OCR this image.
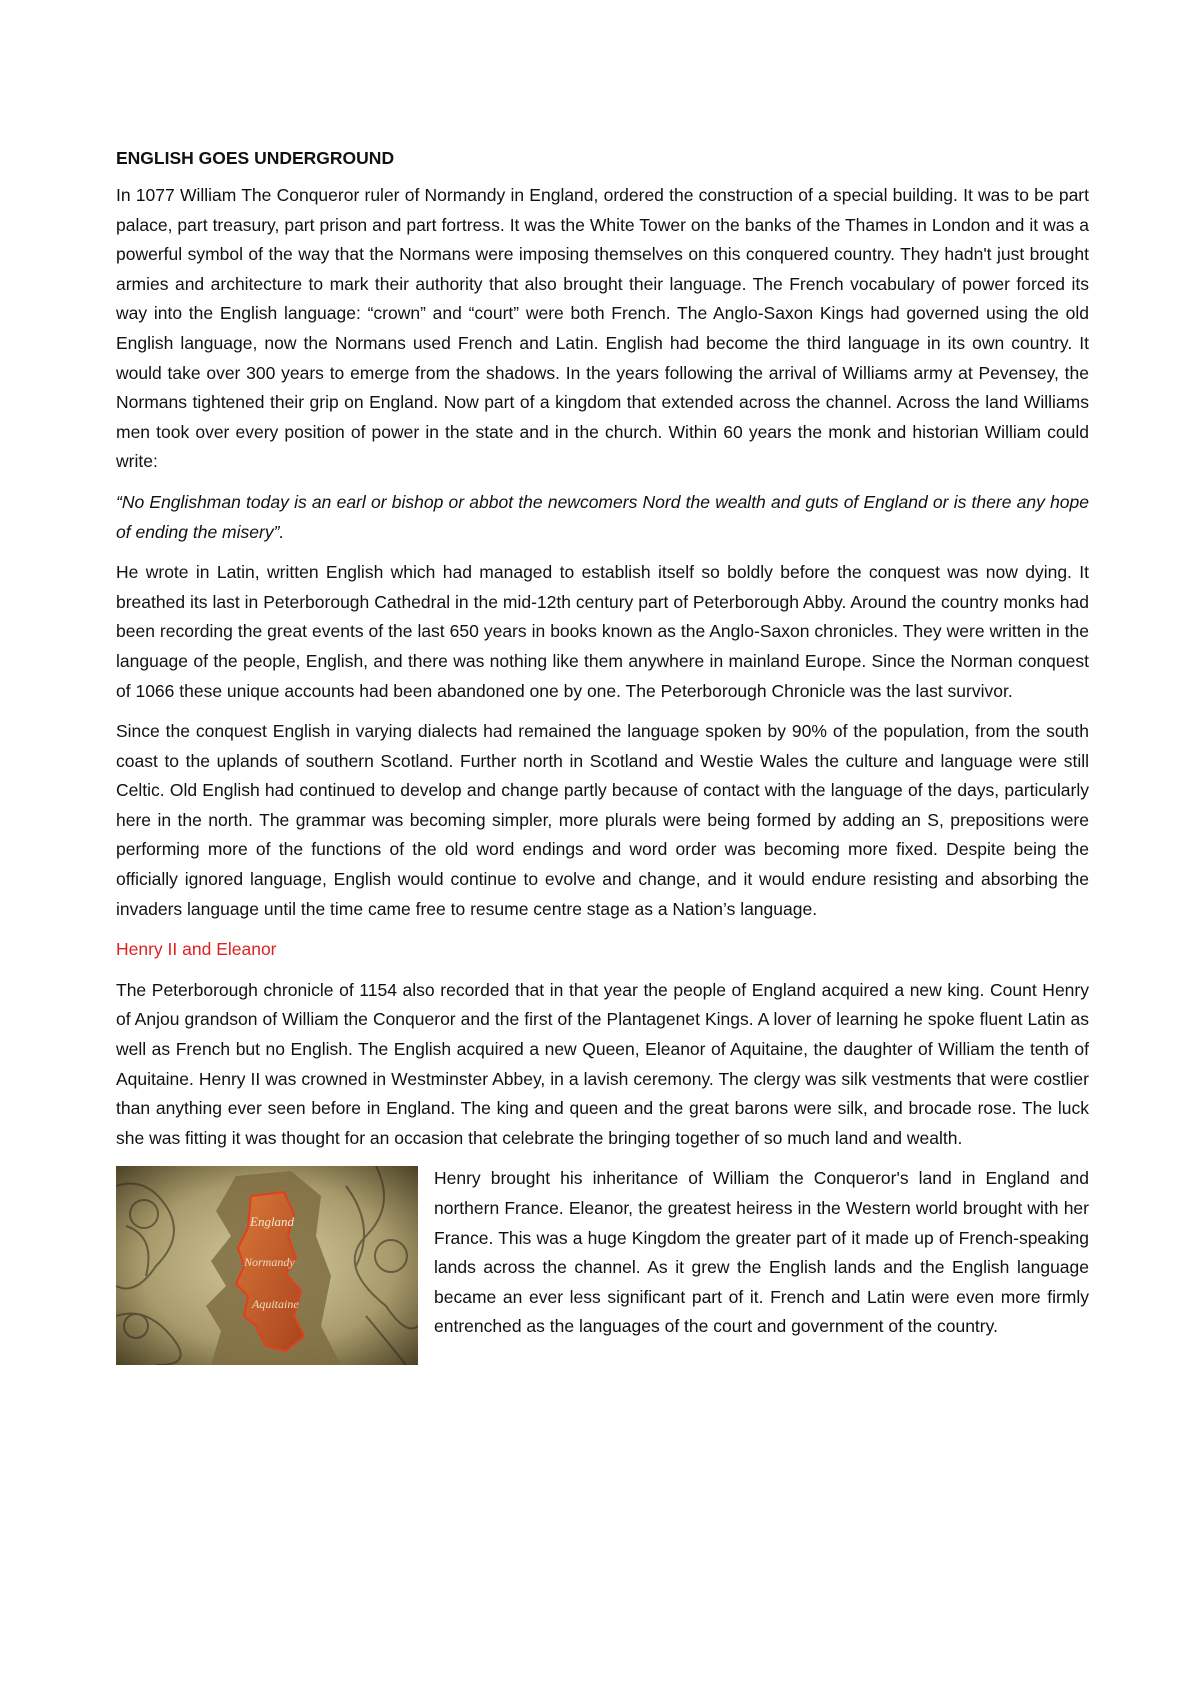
ENGLISH GOES UNDERGROUND

In 1077 William The Conqueror ruler of Normandy in England, ordered the construction of a special building. It was to be part palace, part treasury, part prison and part fortress. It was the White Tower on the banks of the Thames in London and it was a powerful symbol of the way that the Normans were imposing themselves on this conquered country. They hadn't just brought armies and architecture to mark their authority that also brought their language. The French vocabulary of power forced its way into the English language: “crown” and “court” were both French. The Anglo-Saxon Kings had governed using the old English language, now the Normans used French and Latin. English had become the third language in its own country. It would take over 300 years to emerge from the shadows. In the years following the arrival of Williams army at Pevensey, the Normans tightened their grip on England. Now part of a kingdom that extended across the channel. Across the land Williams men took over every position of power in the state and in the church. Within 60 years the monk and historian William could write:

“No Englishman today is an earl or bishop or abbot the newcomers Nord the wealth and guts of England or is there any hope of ending the misery”.

He wrote in Latin, written English which had managed to establish itself so boldly before the conquest was now dying. It breathed its last in Peterborough Cathedral in the mid-12th century part of Peterborough Abby. Around the country monks had been recording the great events of the last 650 years in books known as the Anglo-Saxon chronicles. They were written in the language of the people, English, and there was nothing like them anywhere in mainland Europe. Since the Norman conquest of 1066 these unique accounts had been abandoned one by one. The Peterborough Chronicle was the last survivor.

Since the conquest English in varying dialects had remained the language spoken by 90% of the population, from the south coast to the uplands of southern Scotland. Further north in Scotland and Westie Wales the culture and language were still Celtic. Old English had continued to develop and change partly because of contact with the language of the days, particularly here in the north. The grammar was becoming simpler, more plurals were being formed by adding an S, prepositions were performing more of the functions of the old word endings and word order was becoming more fixed. Despite being the officially ignored language, English would continue to evolve and change, and it would endure resisting and absorbing the invaders language until the time came free to resume centre stage as a Nation’s language.

Henry II and Eleanor

The Peterborough chronicle of 1154 also recorded that in that year the people of England acquired a new king. Count Henry of Anjou grandson of William the Conqueror and the first of the Plantagenet Kings. A lover of learning he spoke fluent Latin as well as French but no English. The English acquired a new Queen, Eleanor of Aquitaine, the daughter of William the tenth of Aquitaine. Henry II was crowned in Westminster Abbey, in a lavish ceremony. The clergy was silk vestments that were costlier than anything ever seen before in England. The king and queen and the great barons were silk, and brocade rose. The luck she was fitting it was thought for an occasion that celebrate the bringing together of so much land and wealth.

England
Normandy
Aquitaine

Henry brought his inheritance of William the Conqueror's land in England and northern France. Eleanor, the greatest heiress in the Western world brought with her France. This was a huge Kingdom the greater part of it made up of French-speaking lands across the channel. As it grew the English lands and the English language became an ever less significant part of it. French and Latin were even more firmly entrenched as the languages of the court and government of the country.
